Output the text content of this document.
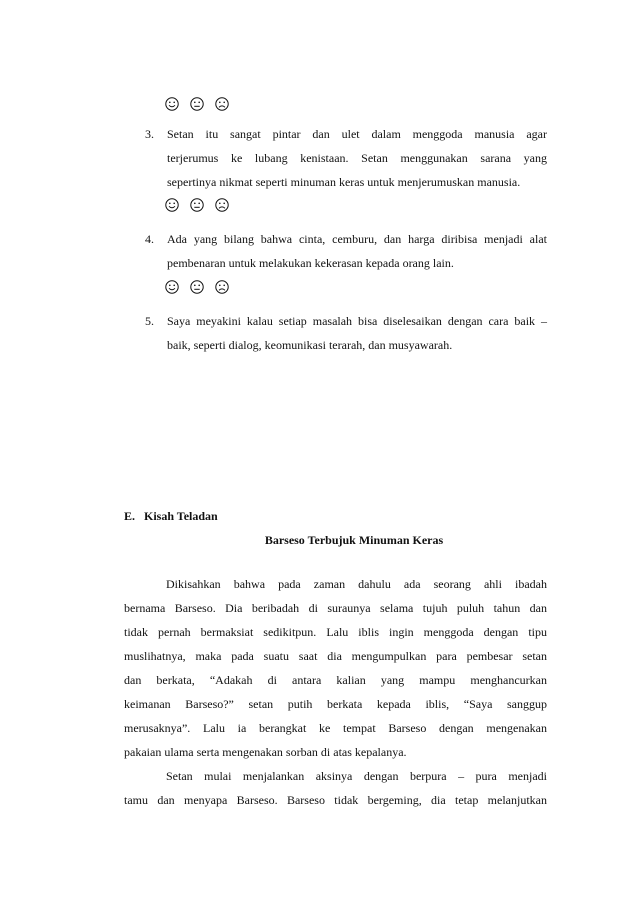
3.	Setan itu sangat pintar dan ulet dalam menggoda manusia agar
terjerumus ke lubang kenistaan. Setan menggunakan sarana yang
sepertinya nikmat seperti minuman keras untuk menjerumuskan manusia.
4.	Ada yang bilang bahwa cinta, cemburu, dan harga diribisa menjadi alat
pembenaran untuk melakukan kekerasan kepada orang lain.
5.	Saya meyakini kalau setiap masalah bisa diselesaikan dengan cara baik –
baik, seperti dialog, keomunikasi terarah, dan musyawarah.
E. Kisah Teladan
Barseso Terbujuk Minuman Keras
Dikisahkan bahwa pada zaman dahulu ada seorang ahli ibadah
bernama Barseso. Dia beribadah di suraunya selama tujuh puluh tahun dan
tidak pernah bermaksiat sedikitpun. Lalu iblis ingin menggoda dengan tipu
muslihatnya, maka pada suatu saat dia mengumpulkan para pembesar setan
dan berkata, “Adakah di antara kalian yang mampu menghancurkan
keimanan Barseso?” setan putih berkata kepada iblis, “Saya sanggup
merusaknya”. Lalu ia berangkat ke tempat Barseso dengan mengenakan
pakaian ulama serta mengenakan sorban di atas kepalanya.
Setan mulai menjalankan aksinya dengan berpura – pura menjadi
tamu dan menyapa Barseso. Barseso tidak bergeming, dia tetap melanjutkan
